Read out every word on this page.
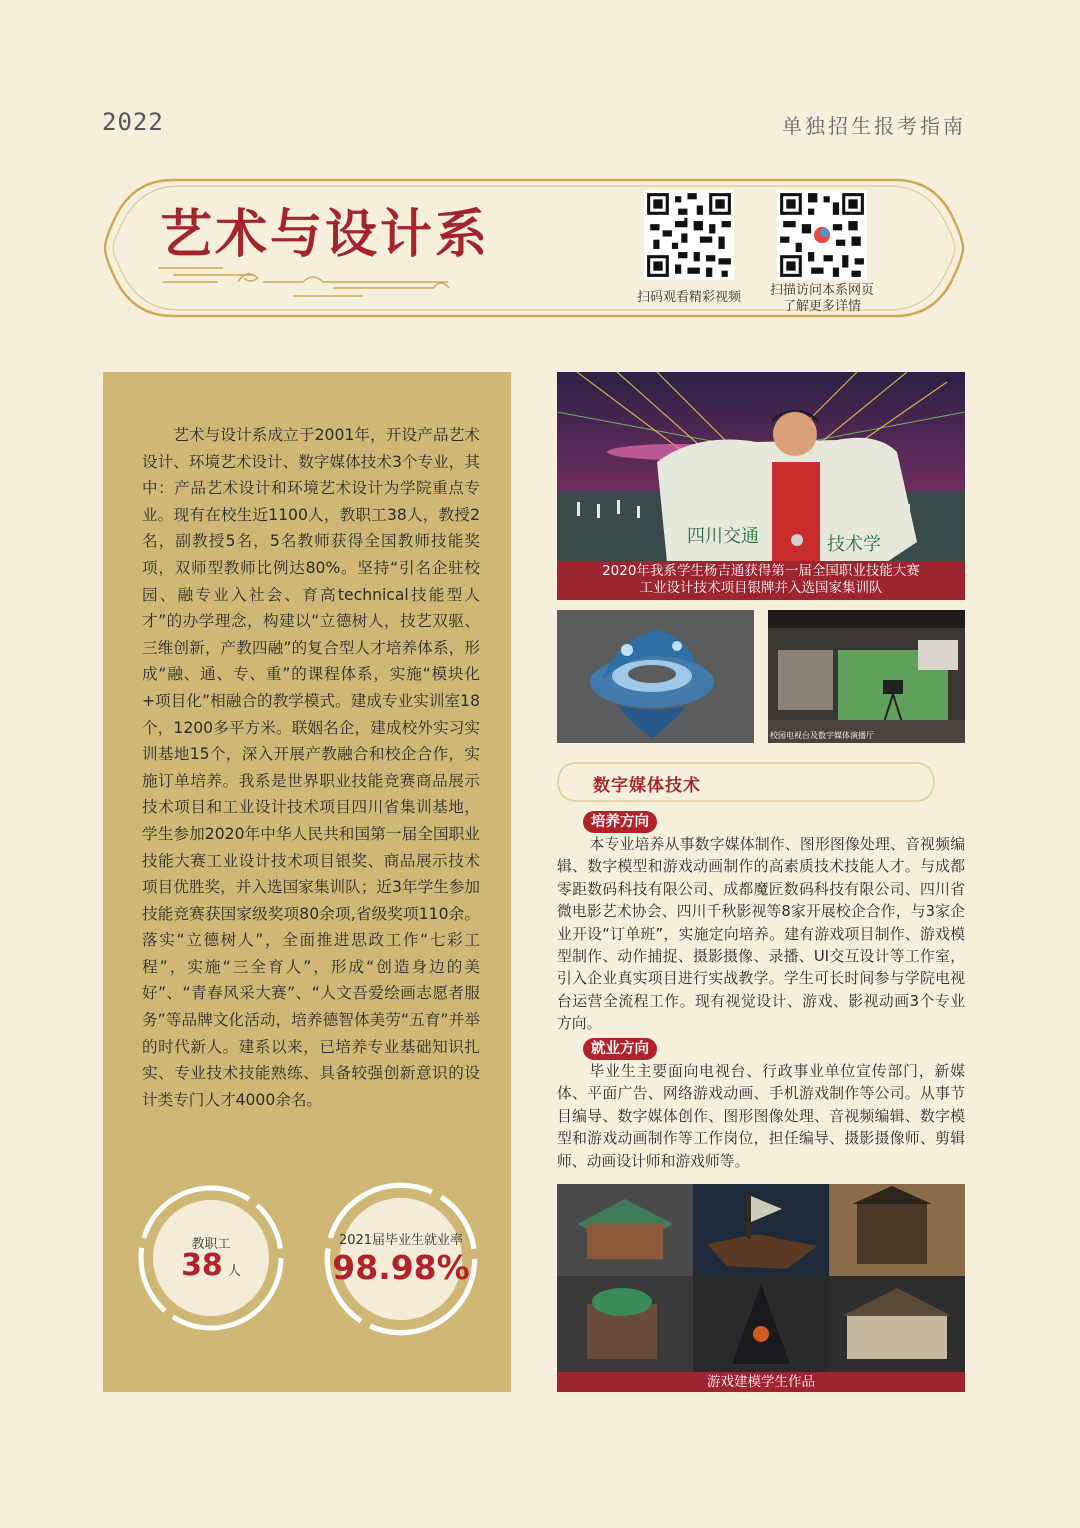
2022	单独招生报考指南
艺术与设计系
扫码观看精彩视频	扫描访问本系网页
了解更多详情

艺术与设计系成立于2001年，开设产品艺术设计、环境艺术设计、数字媒体技术3个专业，其中：产品艺术设计和环境艺术设计为学院重点专业。现有在校生近1100人，教职工38人，教授2名，副教授5名，5名教师获得全国教师技能奖项，双师型教师比例达80%。坚持“引名企驻校园、融专业入社会、育高technical技能型人才”的办学理念，构建以“立德树人，技艺双驱、三维创新，产教四融”的复合型人才培养体系，形成“融、通、专、重”的课程体系，实施“模块化+项目化”相融合的教学模式。建成专业实训室18个，1200多平方米。联姻名企，建成校外实习实训基地15个，深入开展产教融合和校企合作，实施订单培养。我系是世界职业技能竞赛商品展示技术项目和工业设计技术项目四川省集训基地，学生参加2020年中华人民共和国第一届全国职业技能大赛工业设计技术项目银奖、商品展示技术项目优胜奖，并入选国家集训队；近3年学生参加技能竞赛获国家级奖项80余项,省级奖项110余。落实“立德树人”，全面推进思政工作“七彩工程”，实施“三全育人”，形成“创造身边的美好”、“青春风采大赛”、“人文吾爱绘画志愿者服务”等品牌文化活动，培养德智体美劳“五育”并举的时代新人。建系以来，已培养专业基础知识扎实、专业技术技能熟练、具备较强创新意识的设计类专门人才4000余名。

教职工
38 人
2021届毕业生就业率
98.98%
四川交通	技术学
2020年我系学生杨吉通获得第一届全国职业技能大赛
工业设计技术项目银牌并入选国家集训队
校园电视台及数字媒体演播厅
数字媒体技术
培养方向

本专业培养从事数字媒体制作、图形图像处理、音视频编辑、数字模型和游戏动画制作的高素质技术技能人才。与成都零距数码科技有限公司、成都魔匠数码科技有限公司、四川省微电影艺术协会、四川千秋影视等8家开展校企合作，与3家企业开设“订单班”，实施定向培养。建有游戏项目制作、游戏模型制作、动作捕捉、摄影摄像、录播、UI交互设计等工作室，引入企业真实项目进行实战教学。学生可长时间参与学院电视台运营全流程工作。现有视觉设计、游戏、影视动画3个专业方向。

就业方向

毕业生主要面向电视台、行政事业单位宣传部门，新媒体、平面广告、网络游戏动画、手机游戏制作等公司。从事节目编导、数字媒体创作、图形图像处理、音视频编辑、数字模型和游戏动画制作等工作岗位，担任编导、摄影摄像师、剪辑师、动画设计师和游戏师等。

游戏建模学生作品
